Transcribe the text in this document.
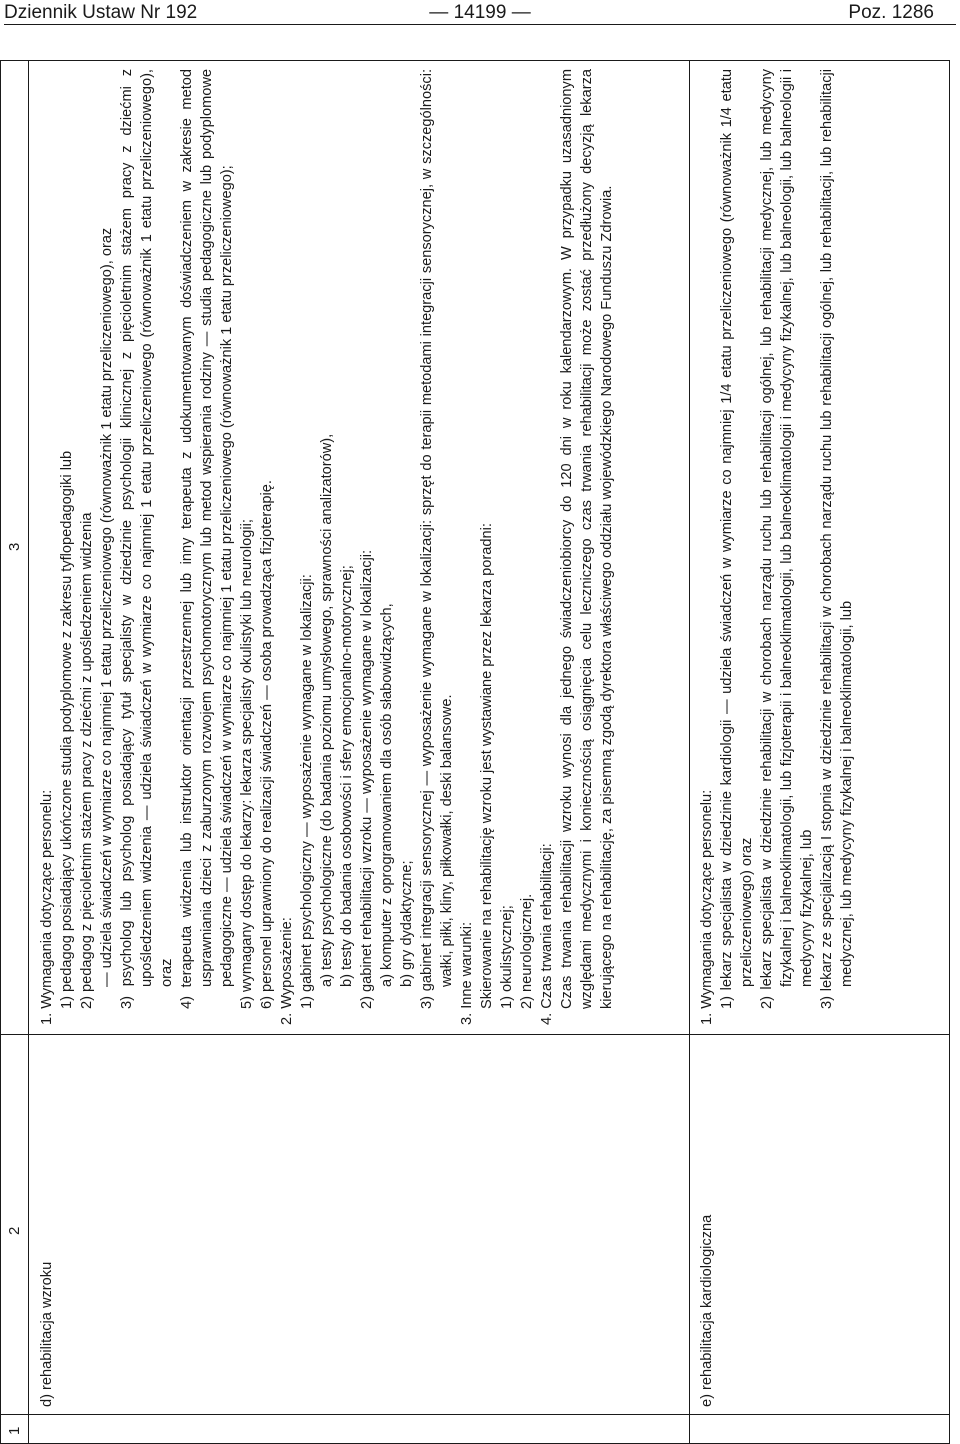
Dziennik Ustaw Nr 192	— 14199 —	Poz. 1286
1
2
3
d) rehabilitacja wzroku

1. Wymagania dotyczące personelu: 1) pedagog posiadający ukończone studia podyplomowe z zakresu tyflopedagogiki lub 2) pedagog z pięcioletnim stażem pracy z dziećmi z upośledzeniem widzenia — udziela świadczeń w wymiarze co najmniej 1 etatu przeliczeniowego (równoważnik 1 etatu przeliczeniowego), oraz 3) psycholog lub psycholog posiadający tytuł specjalisty w dziedzinie psychologii klinicznej z pięcioletnim stażem pracy z dziećmi z upośledzeniem widzenia — udziela świadczeń w wymiarze co najmniej 1 etatu przeliczeniowego (równoważnik 1 etatu przeliczeniowego), oraz 4) terapeuta widzenia lub instruktor orientacji przestrzennej lub inny terapeuta z udokumentowanym doświadczeniem w zakresie metod usprawniania dzieci z zaburzonym rozwojem psychomotorycznym lub metod wspierania rodziny — studia pedagogiczne lub podyplomowe pedagogiczne — udziela świadczeń w wymiarze co najmniej 1 etatu przeliczeniowego (równoważnik 1 etatu przeliczeniowego); 5) wymagany dostęp do lekarzy: lekarza specjalisty okulistyki lub neurologii; 6) personel uprawniony do realizacji świadczeń — osoba prowadząca fizjoterapię. 2. Wyposażenie: 1) gabinet psychologiczny — wyposażenie wymagane w lokalizacji: a) testy psychologiczne (do badania poziomu umysłowego, sprawności analizatorów), b) testy do badania osobowości i sfery emocjonalno-motorycznej; 2) gabinet rehabilitacji wzroku — wyposażenie wymagane w lokalizacji: a) komputer z oprogramowaniem dla osób słabowidzących, b) gry dydaktyczne; 3) gabinet integracji sensorycznej — wyposażenie wymagane w lokalizacji: sprzęt do terapii metodami integracji sensorycznej, w szczególności: wałki, piłki, kliny, piłkowałki, deski balansowe. 3. Inne warunki: Skierowanie na rehabilitację wzroku jest wystawiane przez lekarza poradni: 1) okulistycznej; 2) neurologicznej. 4. Czas trwania rehabilitacji: Czas trwania rehabilitacji wzroku wynosi dla jednego świadczeniobiorcy do 120 dni w roku kalendarzowym. W przypadku uzasadnionym względami medycznymi i koniecznością osiągnięcia celu leczniczego czas trwania rehabilitacji może zostać przedłużony decyzją lekarza kierującego na rehabilitację, za pisemną zgodą dyrektora właściwego oddziału wojewódzkiego Narodowego Funduszu Zdrowia.

e) rehabilitacja kardiologiczna

1. Wymagania dotyczące personelu: 1) lekarz specjalista w dziedzinie kardiologii — udziela świadczeń w wymiarze co najmniej 1/4 etatu przeliczeniowego (równoważnik 1/4 etatu przeliczeniowego) oraz 2) lekarz specjalista w dziedzinie rehabilitacji w chorobach narządu ruchu lub rehabilitacji ogólnej, lub rehabilitacji medycznej, lub medycyny fizykalnej i balneoklimatologii, lub fizjoterapii i balneoklimatologii, lub balneoklimatologii i medycyny fizykalnej, lub balneologii, lub balneologii i medycyny fizykalnej, lub 3) lekarz ze specjalizacją I stopnia w dziedzinie rehabilitacji w chorobach narządu ruchu lub rehabilitacji ogólnej, lub rehabilitacji, lub rehabilitacji medycznej, lub medycyny fizykalnej i balneoklimatologii, lub
